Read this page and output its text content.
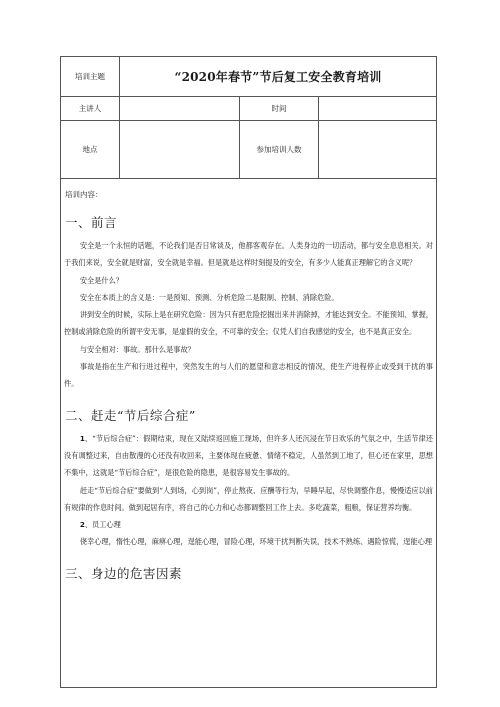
培训主题	“2020年春节”节后复工安全教育培训
主讲人	时间
地点	参加培训人数
培训内容：
一、前言

安全是一个永恒的话题，不论我们是否日常谈及，他都客观存在。人类身边的一切活动，都与安全息息相关。对于我们来说，安全就是财富，安全就是幸福。但是就是这样时刻提及的安全，有多少人能真正理解它的含义呢？

安全是什么？

安全在本质上的含义是：一是预知、预测、分析危险二是限制、控制、消除危险。

讲到安全的时候，实际上是在研究危险：因为只有把危险挖掘出来并消除掉，才能达到安全。不能预知、掌握，控制或消除危险的所谓平安无事，是虚假的安全，不可靠的安全；仅凭人们自我感觉的安全，也不是真正安全。

与安全相对：事故。那什么是事故？

事故是指在生产和行进过程中，突然发生的与人们的愿望和意志相反的情况，使生产进程停止或受到干扰的事件。

二、赶走“节后综合症”

1、“节后综合症”：假期结束，现在又陆续返回施工现场，但许多人还沉浸在节日欢乐的气氛之中，生活节律还没有调整过来，自由散漫的心还没有收回来，主要体现在疲惫、情绪不稳定，人虽然到工地了，但心还在家里，思想不集中，这就是“节后综合症”，是很危险的隐患，是很容易发生事故的。

赶走“节后综合症”要做到“人到场，心到岗”，停止熬夜、应酬等行为，早睡早起，尽快调整作息，慢慢适应以前有规律的作息时间。做到起居有序，将自己的心力和心态都调整回工作上去。多吃蔬菜，粗粮，保证营养均衡。

2、员工心理

侥幸心理，惰性心理，麻痹心理，逞能心理，冒险心理，环境干扰判断失误，技术不熟练、遇险惊慌，逞能心理

三、身边的危害因素
